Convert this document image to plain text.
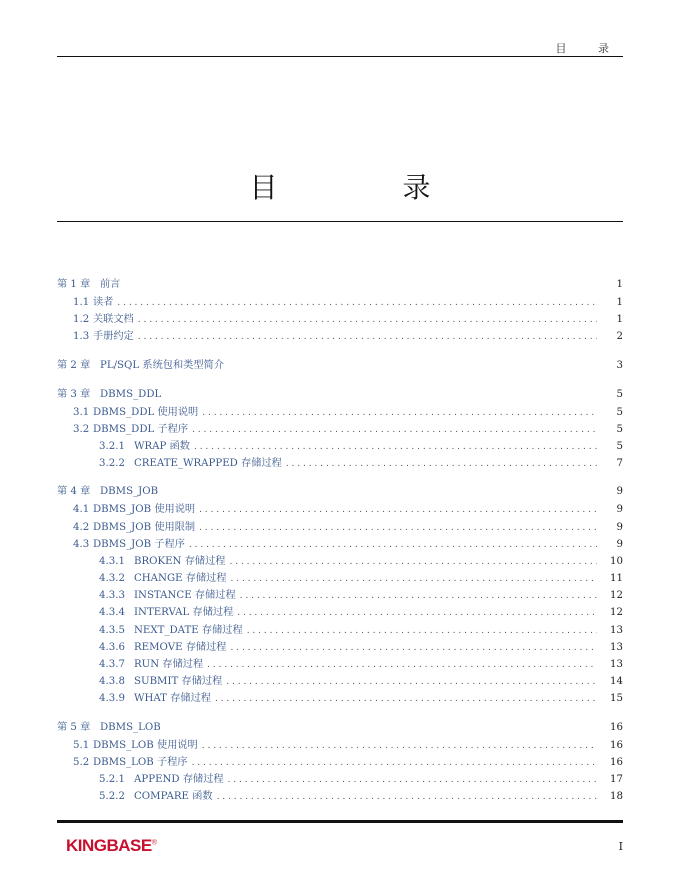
目 录
目 录
第 1 章 前言	1
1.1 读者 . . .	1
1.2 关联文档 . . .	1
1.3 手册约定 . . .	2
第 2 章 PL/SQL 系统包和类型简介	3
第 3 章 DBMS_DDL	5
3.1 DBMS_DDL 使用说明 . . .	5
3.2 DBMS_DDL 子程序 . . .	5
3.2.1 WRAP 函数 . . .	5
3.2.2 CREATE_WRAPPED 存储过程 . . .	7
第 4 章 DBMS_JOB	9
4.1 DBMS_JOB 使用说明 . . .	9
4.2 DBMS_JOB 使用限制 . . .	9
4.3 DBMS_JOB 子程序 . . .	9
4.3.1 BROKEN 存储过程 . . .	10
4.3.2 CHANGE 存储过程 . . .	11
4.3.3 INSTANCE 存储过程 . . .	12
4.3.4 INTERVAL 存储过程 . . .	12
4.3.5 NEXT_DATE 存储过程 . . .	13
4.3.6 REMOVE 存储过程 . . .	13
4.3.7 RUN 存储过程 . . .	13
4.3.8 SUBMIT 存储过程 . . .	14
4.3.9 WHAT 存储过程 . . .	15
第 5 章 DBMS_LOB	16
5.1 DBMS_LOB 使用说明 . . .	16
5.2 DBMS_LOB 子程序 . . .	16
5.2.1 APPEND 存储过程 . . .	17
5.2.2 COMPARE 函数 . . .	18
KINGBASE®	I
